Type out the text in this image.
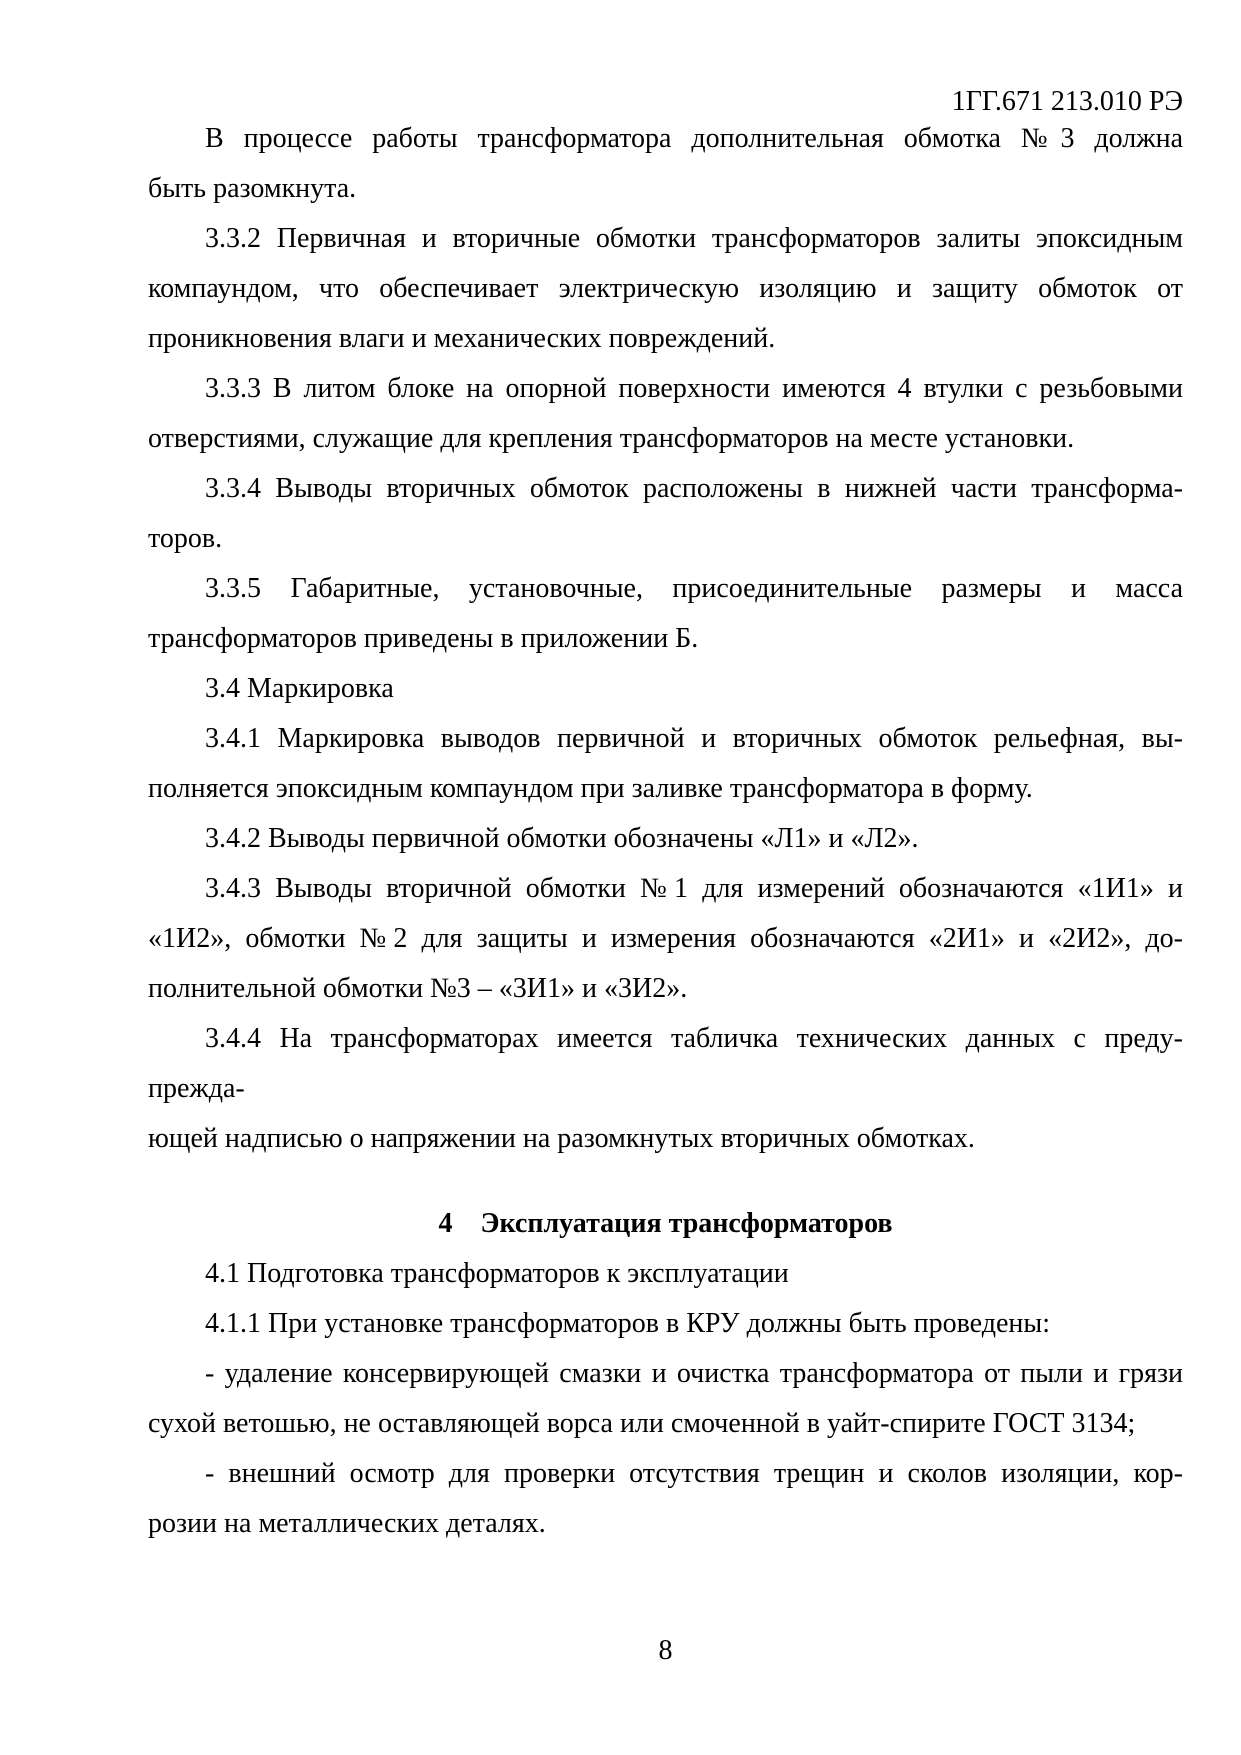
1ГГ.671 213.010 РЭ
В процессе работы трансформатора дополнительная обмотка №3 должна
быть разомкнута.
3.3.2 Первичная и вторичные обмотки трансформаторов залиты эпоксидным
компаундом, что обеспечивает электрическую изоляцию и защиту обмоток от
проникновения влаги и механических повреждений.
3.3.3 В литом блоке на опорной поверхности имеются 4 втулки с резьбовыми
отверстиями, служащие для крепления трансформаторов на месте установки.
3.3.4 Выводы вторичных обмоток расположены в нижней части трансформа-
торов.
3.3.5 Габаритные, установочные, присоединительные размеры и масса
трансформаторов приведены в приложении Б.
3.4 Маркировка
3.4.1 Маркировка выводов первичной и вторичных обмоток рельефная, вы-
полняется эпоксидным компаундом при заливке трансформатора в форму.
3.4.2 Выводы первичной обмотки обозначены «Л1» и «Л2».
3.4.3 Выводы вторичной обмотки №1 для измерений обозначаются «1И1» и
«1И2», обмотки №2 для защиты и измерения обозначаются «2И1» и «2И2», до-
полнительной обмотки №3 – «3И1» и «3И2».
3.4.4 На трансформаторах имеется табличка технических данных с преду-
прежда-
ющей надписью о напряжении на разомкнутых вторичных обмотках.
4 Эксплуатация трансформаторов
4.1 Подготовка трансформаторов к эксплуатации
4.1.1 При установке трансформаторов в КРУ должны быть проведены:
- удаление консервирующей смазки и очистка трансформатора от пыли и грязи
сухой ветошью, не оставляющей ворса или смоченной в уайт-спирите ГОСТ 3134;
- внешний осмотр для проверки отсутствия трещин и сколов изоляции, кор-
розии на металлических деталях.
8
